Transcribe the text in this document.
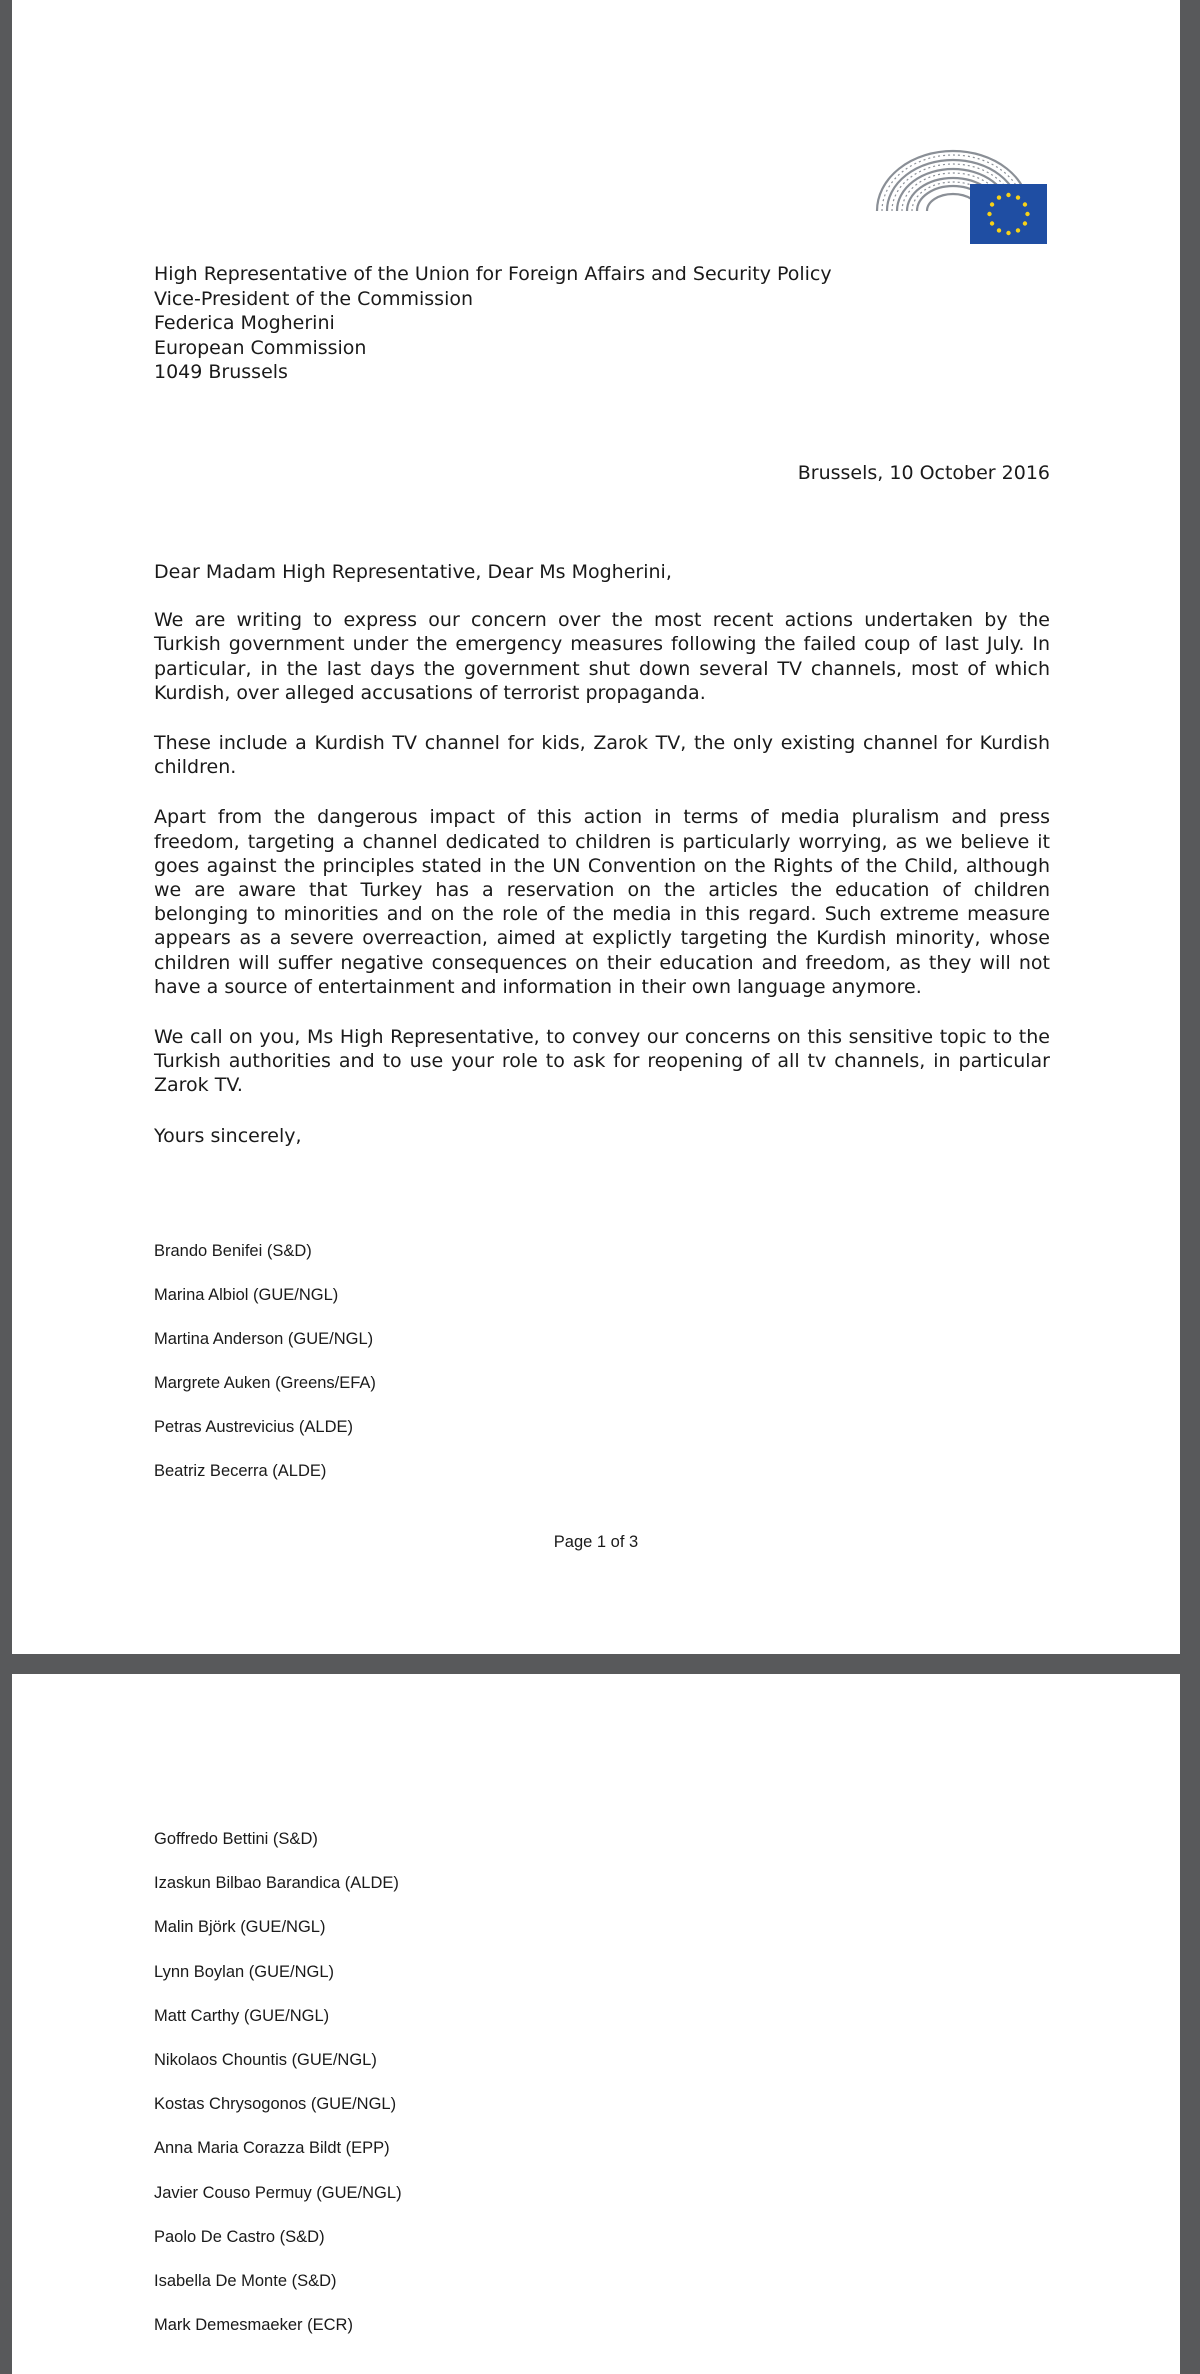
High Representative of the Union for Foreign Affairs and Security Policy
Vice-President of the Commission
Federica Mogherini
European Commission
1049 Brussels
Brussels, 10 October 2016

Dear Madam High Representative, Dear Ms Mogherini,

We are writing to express our concern over the most recent actions undertaken by the Turkish government under the emergency measures following the failed coup of last July. In particular, in the last days the government shut down several TV channels, most of which Kurdish, over alleged accusations of terrorist propaganda.

These include a Kurdish TV channel for kids, Zarok TV, the only existing channel for Kurdish children.

Apart from the dangerous impact of this action in terms of media pluralism and press freedom, targeting a channel dedicated to children is particularly worrying, as we believe it goes against the principles stated in the UN Convention on the Rights of the Child, although we are aware that Turkey has a reservation on the articles the education of children belonging to minorities and on the role of the media in this regard. Such extreme measure appears as a severe overreaction, aimed at explictly targeting the Kurdish minority, whose children will suffer negative consequences on their education and freedom, as they will not have a source of entertainment and information in their own language anymore.

We call on you, Ms High Representative, to convey our concerns on this sensitive topic to the Turkish authorities and to use your role to ask for reopening of all tv channels, in particular Zarok TV.

Yours sincerely,

Brando Benifei (S&D)
Marina Albiol (GUE/NGL)
Martina Anderson (GUE/NGL)
Margrete Auken (Greens/EFA)
Petras Austrevicius (ALDE)
Beatriz Becerra (ALDE)
Page 1 of 3
Goffredo Bettini (S&D)
Izaskun Bilbao Barandica (ALDE)
Malin Björk (GUE/NGL)
Lynn Boylan (GUE/NGL)
Matt Carthy (GUE/NGL)
Nikolaos Chountis (GUE/NGL)
Kostas Chrysogonos (GUE/NGL)
Anna Maria Corazza Bildt (EPP)
Javier Couso Permuy (GUE/NGL)
Paolo De Castro (S&D)
Isabella De Monte (S&D)
Mark Demesmaeker (ECR)
